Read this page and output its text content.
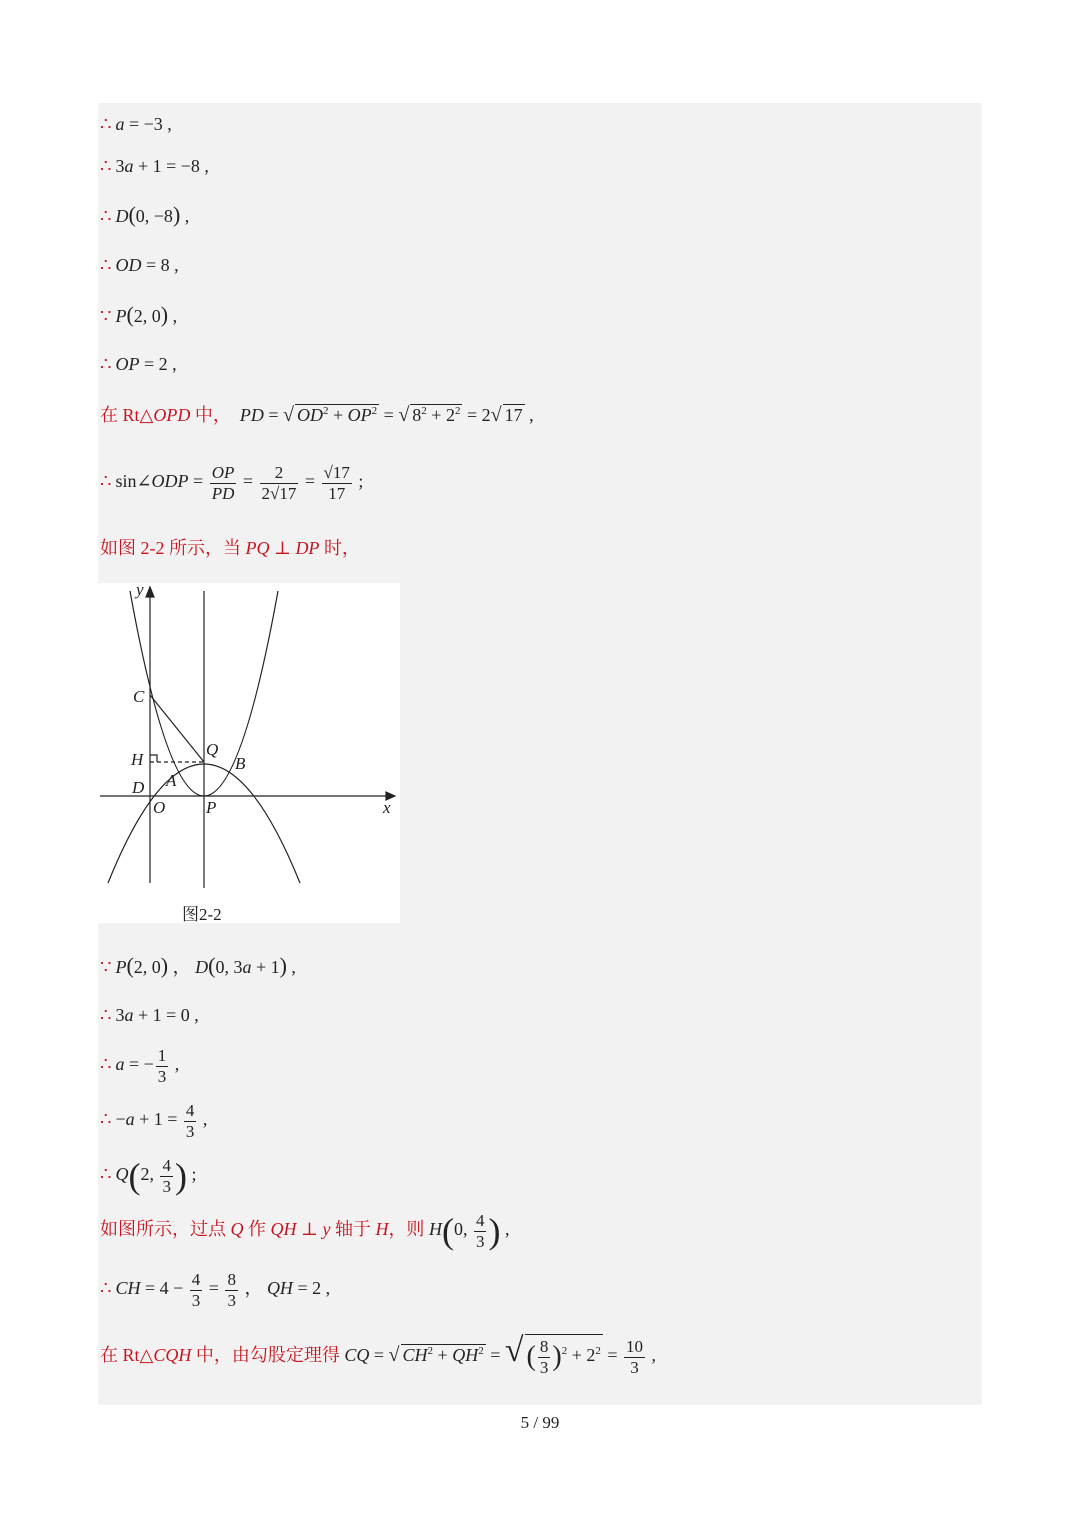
∴ a = −3 ,
∴ 3a + 1 = −8 ,
∴ D(0, −8) ,
∴ OD = 8 ,
∵ P(2, 0) ,
∴ OP = 2 ,
在 Rt△OPD 中， PD = √ $OD^2 + OP^2$ = √ $8^2 + 2^2 = 2√$ 17 ,
∴ sin∠ODP = $\frac{OP}{PD} = \frac{2}{2√17} = \frac{√17}{17}$ ;
如图 2-2 所示，当 PQ ⊥ DP 时，
y
x
C
H
Q
B
D A
O P
图2-2
∵ P(2, 0) ， D(0, 3a + 1) ,
∴ 3a + 1 = 0 ,
∴ a = − $\frac{1}{3}$ ,
∴ $-a + 1 = \frac{4}{3}$ ,
∴ Q(2, $\frac{4}{3}$ ) ;
如图所示，过点 Q 作 QH ⊥ y 轴于 H，则 H(0, $\frac{4}{3}$ ) ,
∴ CH = $4 - \frac{4}{3} = \frac{8}{3}$ ， QH = 2 ,
在 Rt△CQH 中，由勾股定理得 CQ = √ $CH^2 + QH^2$ = √ ( $\frac{8}{3} )^2 + 2^2 = \frac{10}{3}$ ,
5 / 99
